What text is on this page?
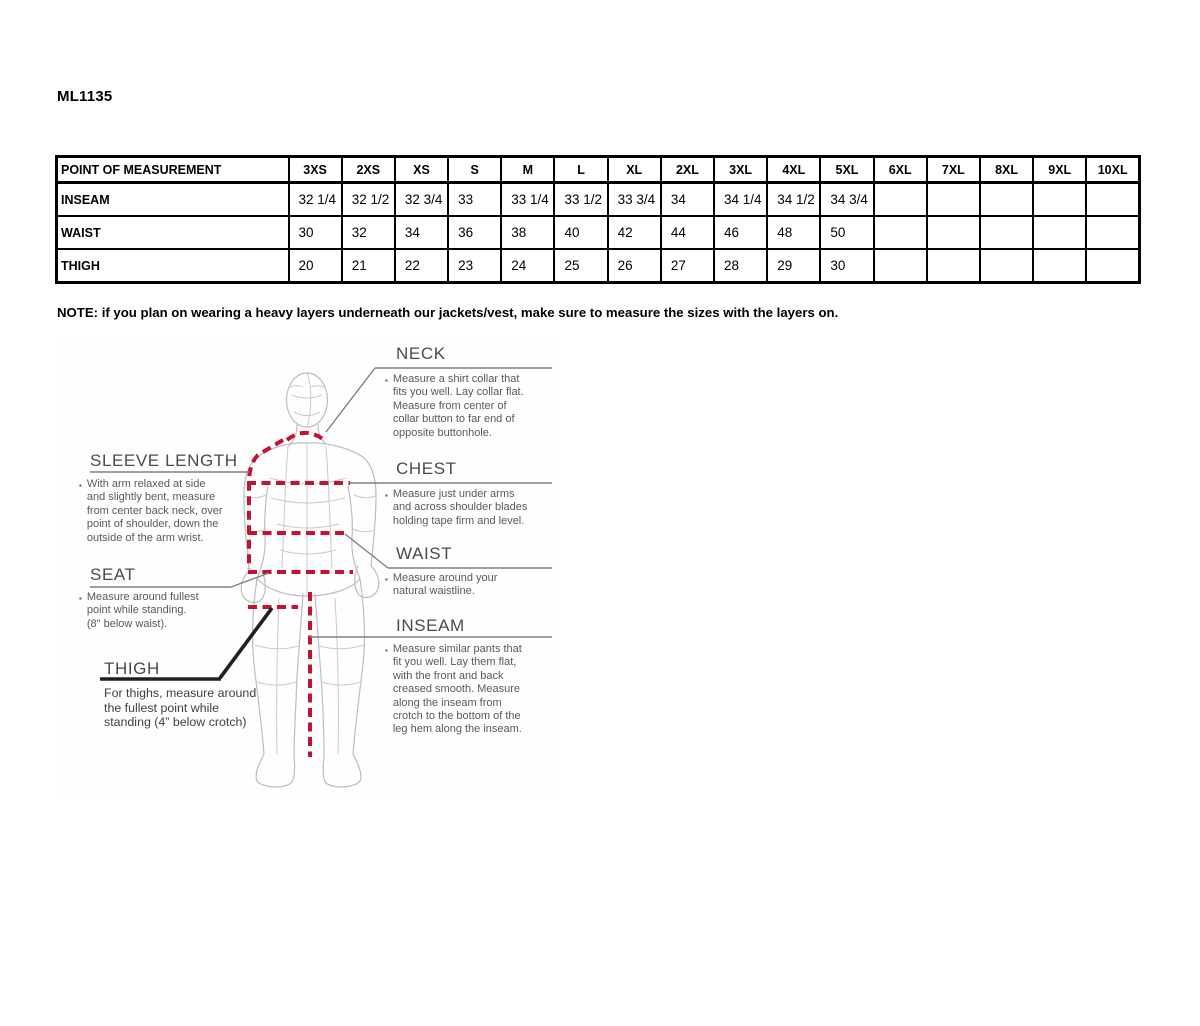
ML1135
POINT OF MEASUREMENT	3XS	2XS	XS	S	M	L	XL	2XL	3XL	4XL	5XL	6XL	7XL	8XL	9XL	10XL
INSEAM	32 1/4	32 1/2	32 3/4	33	33 1/4	33 1/2	33 3/4	34	34 1/4	34 1/2	34 3/4					
WAIST	30	32	34	36	38	40	42	44	46	48	50					
THIGH	20	21	22	23	24	25	26	27	28	29	30					
NOTE: if you plan on wearing a heavy layers underneath our jackets/vest, make sure to measure the sizes with the layers on.
NECK
▪ Measure a shirt collar that
fits you well. Lay collar flat.
Measure from center of
collar button to far end of
opposite buttonhole.
CHEST
▪ Measure just under arms
and across shoulder blades
holding tape firm and level.
WAIST
▪ Measure around your
natural waistline.
INSEAM
▪ Measure similar pants that
fit you well. Lay them flat,
with the front and back
creased smooth. Measure
along the inseam from
crotch to the bottom of the
leg hem along the inseam.
SLEEVE LENGTH
▪ With arm relaxed at side
and slightly bent, measure
from center back neck, over
point of shoulder, down the
outside of the arm wrist.
SEAT
▪ Measure around fullest
point while standing.
(8" below waist).
THIGH
For thighs, measure around
the fullest point while
standing (4” below crotch)
